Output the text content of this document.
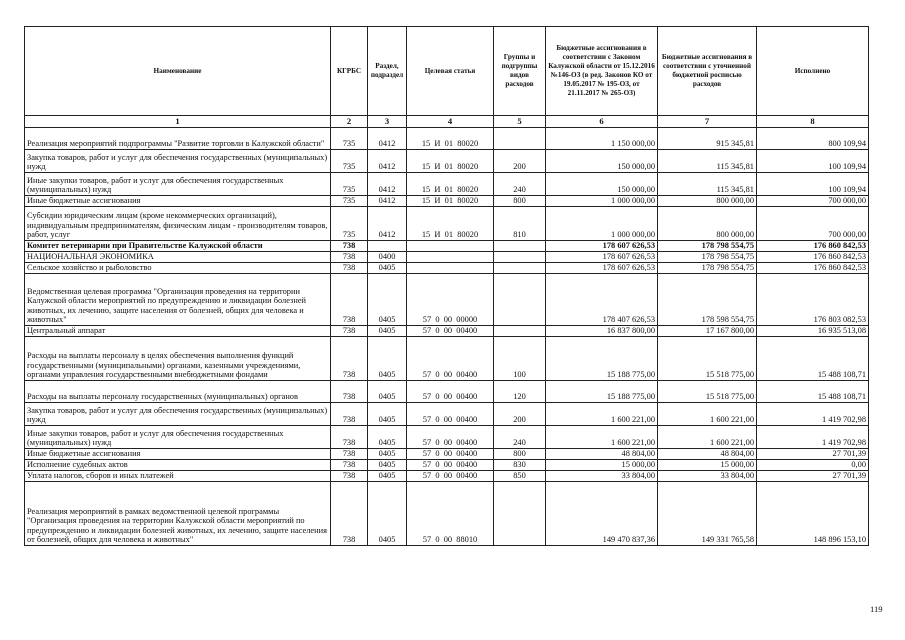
Наименование	КГРБС	Раздел, подраздел	Целевая статья	Группы и подгруппы видов расходов	Бюджетные ассигнования в соответствии с Законом Калужской области от 15.12.2016 №146-ОЗ (в ред. Законов КО от 19.05.2017 № 195-ОЗ, от 21.11.2017 № 265-ОЗ)	Бюджетные ассигнования в соответствии с уточненной бюджетной росписью расходов	Исполнено
1	2	3	4	5	6	7	8
Реализация мероприятий подпрограммы "Развитие торговли в Калужской области"	735	0412	15  И  01  80020		1 150 000,00	915 345,81	800 109,94
Закупка товаров, работ и услуг для обеспечения государственных (муниципальных) нужд	735	0412	15  И  01  80020	200	150 000,00	115 345,81	100 109,94
Иные закупки товаров, работ и услуг для обеспечения государственных (муниципальных) нужд	735	0412	15  И  01  80020	240	150 000,00	115 345,81	100 109,94
Иные бюджетные ассигнования	735	0412	15  И  01  80020	800	1 000 000,00	800 000,00	700 000,00
Субсидии юридическим лицам (кроме некоммерческих организаций), индивидуальным предпринимателям, физическим лицам - производителям товаров, работ, услуг	735	0412	15  И  01  80020	810	1 000 000,00	800 000,00	700 000,00
Комитет ветеринарии при Правительстве Калужской области	738				178 607 626,53	178 798 554,75	176 860 842,53
НАЦИОНАЛЬНАЯ ЭКОНОМИКА	738	0400			178 607 626,53	178 798 554,75	176 860 842,53
Сельское хозяйство и рыболовство	738	0405			178 607 626,53	178 798 554,75	176 860 842,53
Ведомственная целевая программа "Организация проведения на территории Калужской области мероприятий по предупреждению и ликвидации болезней животных, их лечению, защите населения от болезней, общих для человека и животных"	738	0405	57  0  00  00000		178 407 626,53	178 598 554,75	176 803 082,53
Центральный аппарат	738	0405	57  0  00  00400		16 837 800,00	17 167 800,00	16 935 513,08
Расходы на выплаты персоналу в целях обеспечения выполнения функций государственными (муниципальными) органами, казенными учреждениями, органами управления государственными внебюджетными фондами	738	0405	57  0  00  00400	100	15 188 775,00	15 518 775,00	15 488 108,71
Расходы на выплаты персоналу государственных (муниципальных) органов	738	0405	57  0  00  00400	120	15 188 775,00	15 518 775,00	15 488 108,71
Закупка товаров, работ и услуг для обеспечения государственных (муниципальных) нужд	738	0405	57  0  00  00400	200	1 600 221,00	1 600 221,00	1 419 702,98
Иные закупки товаров, работ и услуг для обеспечения государственных (муниципальных) нужд	738	0405	57  0  00  00400	240	1 600 221,00	1 600 221,00	1 419 702,98
Иные бюджетные ассигнования	738	0405	57  0  00  00400	800	48 804,00	48 804,00	27 701,39
Исполнение судебных актов	738	0405	57  0  00  00400	830	15 000,00	15 000,00	0,00
Уплата налогов, сборов и иных платежей	738	0405	57  0  00  00400	850	33 804,00	33 804,00	27 701,39
Реализация мероприятий в рамках ведомственной целевой программы "Организация проведения на территории Калужской области мероприятий по предупреждению и ликвидации болезней животных, их лечению, защите населения от болезней, общих для человека и животных"	738	0405	57  0  00  88010		149 470 837,36	149 331 765,58	148 896 153,10
119
